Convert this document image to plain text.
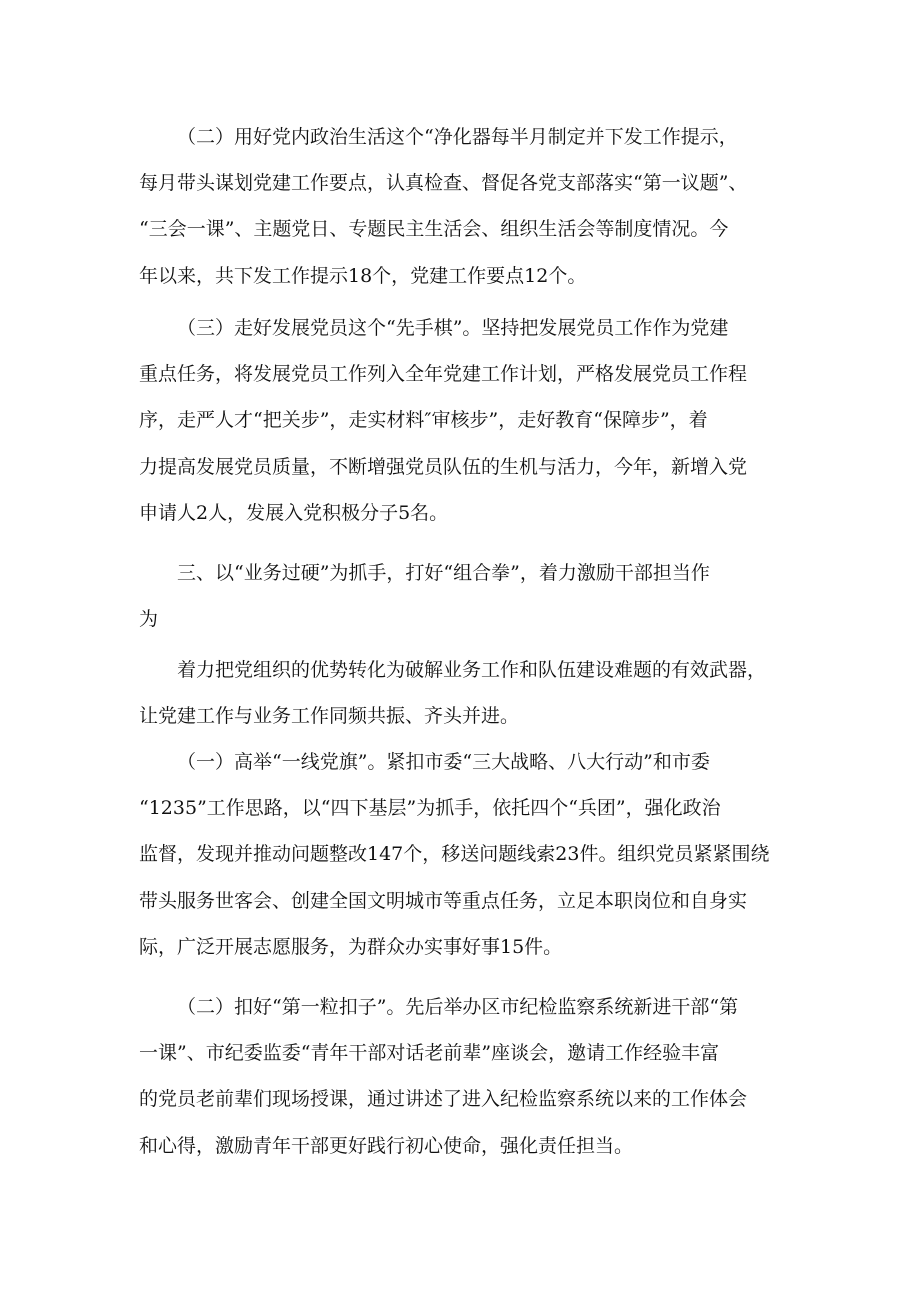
（二）用好党内政治生活这个“净化器每半月制定并下发工作提示，
每月带头谋划党建工作要点，认真检查、督促各党支部落实“第一议题”、
“三会一课”、主题党日、专题民主生活会、组织生活会等制度情况。今
年以来，共下发工作提示18个，党建工作要点12个。
（三）走好发展党员这个“先手棋”。坚持把发展党员工作作为党建
重点任务，将发展党员工作列入全年党建工作计划，严格发展党员工作程
序，走严人才“把关步”，走实材料″审核步”，走好教育“保障步”，着
力提高发展党员质量，不断增强党员队伍的生机与活力，今年，新增入党
申请人2人，发展入党积极分子5名。
三、以“业务过硬”为抓手，打好“组合拳”，着力激励干部担当作
为
着力把党组织的优势转化为破解业务工作和队伍建设难题的有效武器，
让党建工作与业务工作同频共振、齐头并进。
（一）高举“一线党旗”。紧扣市委“三大战略、八大行动”和市委
“1235”工作思路，以“四下基层”为抓手，依托四个“兵团”，强化政治
监督，发现并推动问题整改147个，移送问题线索23件。组织党员紧紧围绕
带头服务世客会、创建全国文明城市等重点任务，立足本职岗位和自身实
际，广泛开展志愿服务，为群众办实事好事15件。
（二）扣好“第一粒扣子”。先后举办区市纪检监察系统新进干部“第
一课”、市纪委监委“青年干部对话老前辈”座谈会，邀请工作经验丰富
的党员老前辈们现场授课，通过讲述了进入纪检监察系统以来的工作体会
和心得，激励青年干部更好践行初心使命，强化责任担当。
